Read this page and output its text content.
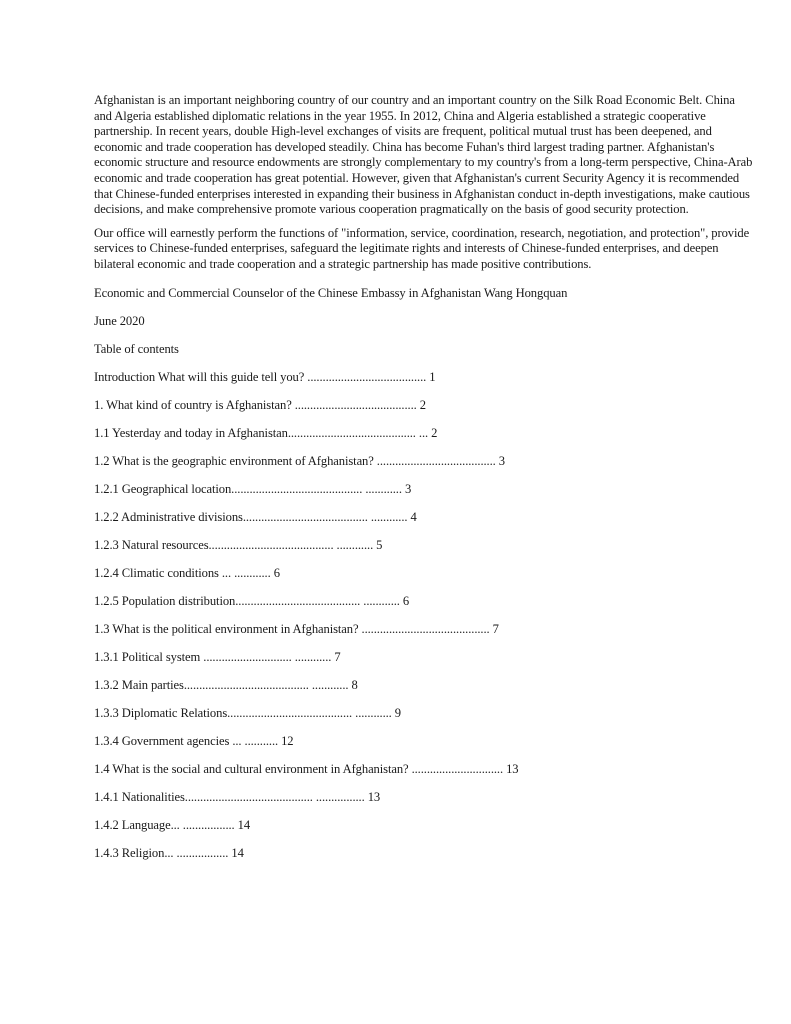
Afghanistan is an important neighboring country of our country and an important country on the Silk Road Economic Belt. China and Algeria established diplomatic relations in the year 1955. In 2012, China and Algeria established a strategic cooperative partnership. In recent years, double High-level exchanges of visits are frequent, political mutual trust has been deepened, and economic and trade cooperation has developed steadily. China has become Fuhan's third largest trading partner. Afghanistan's economic structure and resource endowments are strongly complementary to my country's from a long-term perspective, China-Arab economic and trade cooperation has great potential. However, given that Afghanistan's current Security Agency it is recommended that Chinese-funded enterprises interested in expanding their business in Afghanistan conduct in-depth investigations, make cautious decisions, and make comprehensive promote various cooperation pragmatically on the basis of good security protection.

Our office will earnestly perform the functions of "information, service, coordination, research, negotiation, and protection", provide services to Chinese-funded enterprises, safeguard the legitimate rights and interests of Chinese-funded enterprises, and deepen bilateral economic and trade cooperation and a strategic partnership has made positive contributions.

Economic and Commercial Counselor of the Chinese Embassy in Afghanistan Wang Hongquan

June 2020

Table of contents

Introduction What will this guide tell you? ....................................... 1
1. What kind of country is Afghanistan? ........................................ 2
1.1 Yesterday and today in Afghanistan.......................................... ... 2
1.2 What is the geographic environment of Afghanistan? ....................................... 3
1.2.1 Geographical location........................................... ............ 3
1.2.2 Administrative divisions......................................... ............ 4
1.2.3 Natural resources......................................... ............ 5
1.2.4 Climatic conditions ... ............ 6
1.2.5 Population distribution......................................... ............ 6
1.3 What is the political environment in Afghanistan? .......................................... 7
1.3.1 Political system ............................. ............ 7
1.3.2 Main parties......................................... ............ 8
1.3.3 Diplomatic Relations......................................... ............ 9
1.3.4 Government agencies ... ........... 12
1.4 What is the social and cultural environment in Afghanistan? .............................. 13
1.4.1 Nationalities.......................................... ................ 13
1.4.2 Language... ................. 14
1.4.3 Religion... ................. 14
